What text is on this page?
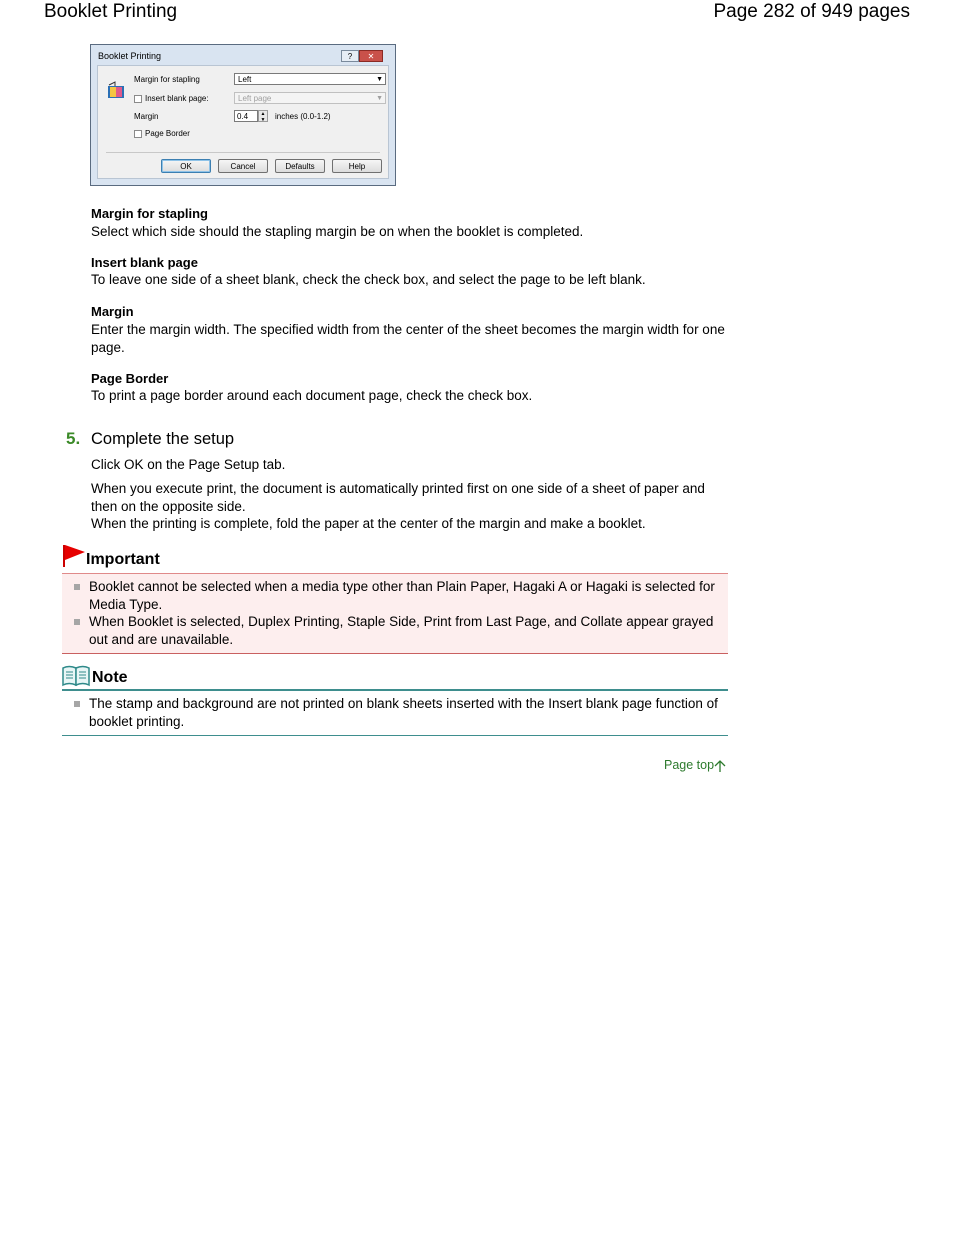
Booklet Printing	Page 282 of 949 pages
Booklet Printing	?	✕
Margin for stapling	Left	▼
Insert blank page:	Left page	▼
Margin	0.4	▲
▼	inches (0.0-1.2)
Page Border
OK	Cancel	Defaults	Help
Margin for stapling
Select which side should the stapling margin be on when the booklet is completed.
Insert blank page
To leave one side of a sheet blank, check the check box, and select the page to be left blank.
Margin
Enter the margin width. The specified width from the center of the sheet becomes the margin width for one page.
Page Border
To print a page border around each document page, check the check box.
5. Complete the setup
Click OK on the Page Setup tab.
When you execute print, the document is automatically printed first on one side of a sheet of paper and then on the opposite side.
When the printing is complete, fold the paper at the center of the margin and make a booklet.
Important
Booklet cannot be selected when a media type other than Plain Paper, Hagaki A or Hagaki is selected for Media Type.
When Booklet is selected, Duplex Printing, Staple Side, Print from Last Page, and Collate appear grayed out and are unavailable.
Note
The stamp and background are not printed on blank sheets inserted with the Insert blank page function of booklet printing.
Page top
